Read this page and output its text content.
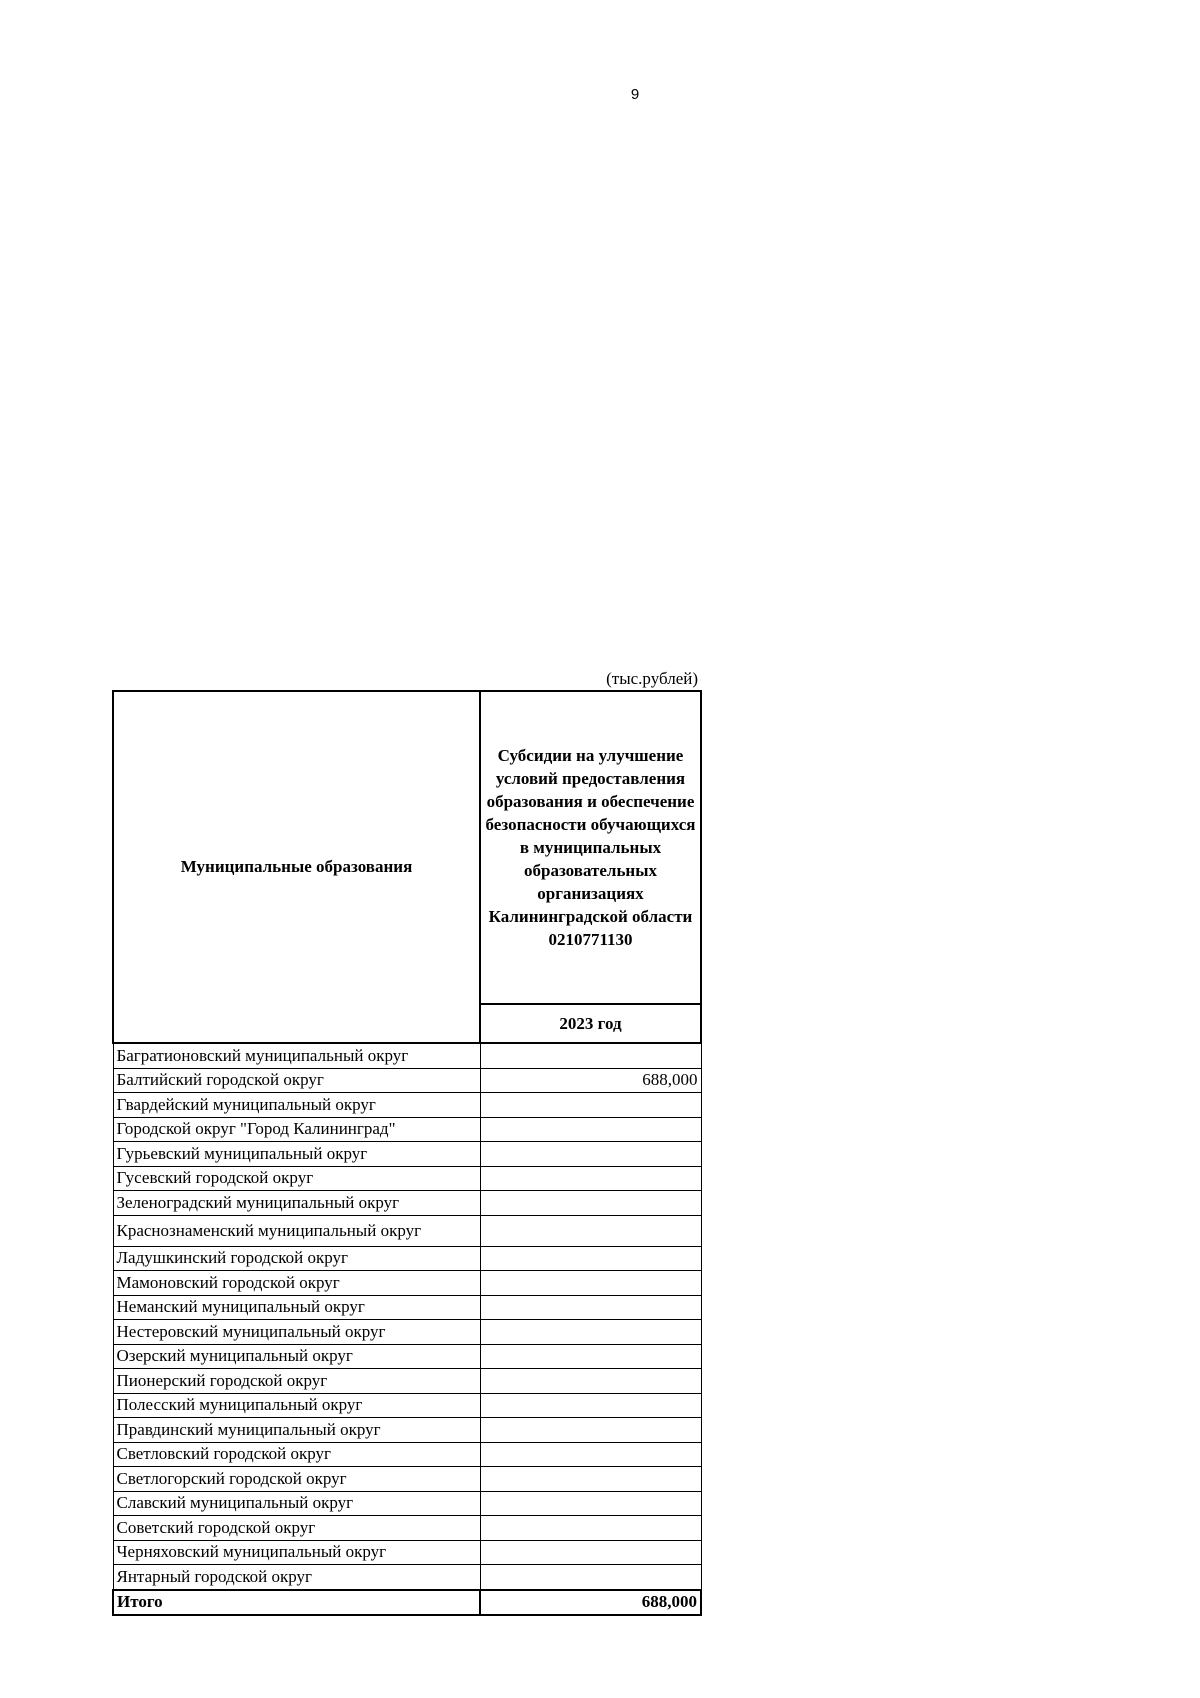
9
(тыс.рублей)
Муниципальные образования	Субсидии на улучшение условий предоставления образования и обеспечение безопасности обучающихся в муниципальных образовательных организациях Калининградской области 0210771130
	2023 год
Багратионовский муниципальный округ	
Балтийский городской округ	688,000
Гвардейский муниципальный округ	
Городской округ "Город Калининград"	
Гурьевский муниципальный округ	
Гусевский городской округ	
Зеленоградский муниципальный округ	
Краснознаменский муниципальный округ	
Ладушкинский городской округ	
Мамоновский городской округ	
Неманский муниципальный округ	
Нестеровский муниципальный округ	
Озерский муниципальный округ	
Пионерский городской округ	
Полесский муниципальный округ	
Правдинский муниципальный округ	
Светловский городской округ	
Светлогорский городской округ	
Славский муниципальный округ	
Советский городской округ	
Черняховский муниципальный округ	
Янтарный городской округ	
Итого	688,000
